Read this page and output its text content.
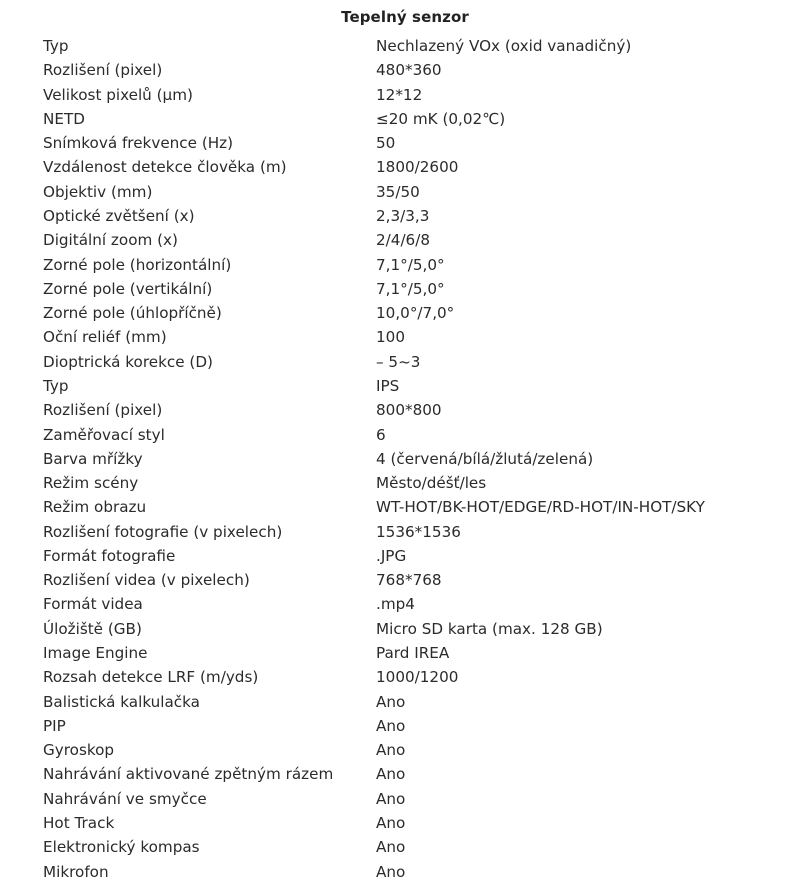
Tepelný senzor
Typ	Nechlazený VOx (oxid vanadičný)
Rozlišení (pixel)	480*360
Velikost pixelů (μm)	12*12
NETD	≤20 mK (0,02℃)
Snímková frekvence (Hz)	50
Vzdálenost detekce člověka (m)	1800/2600
Objektiv (mm)	35/50
Optické zvětšení (x)	2,3/3,3
Digitální zoom (x)	2/4/6/8
Zorné pole (horizontální)	7,1°/5,0°
Zorné pole (vertikální)	7,1°/5,0°
Zorné pole (úhlopříčně)	10,0°/7,0°
Oční reliéf (mm)	100
Dioptrická korekce (D)	– 5~3
Typ	IPS
Rozlišení (pixel)	800*800
Zaměřovací styl	6
Barva mřížky	4 (červená/bílá/žlutá/zelená)
Režim scény	Město/déšť/les
Režim obrazu	WT-HOT/BK-HOT/EDGE/RD-HOT/IN-HOT/SKY
Rozlišení fotografie (v pixelech)	1536*1536
Formát fotografie	.JPG
Rozlišení videa (v pixelech)	768*768
Formát videa	.mp4
Úložiště (GB)	Micro SD karta (max. 128 GB)
Image Engine	Pard IREA
Rozsah detekce LRF (m/yds)	1000/1200
Balistická kalkulačka	Ano
PIP	Ano
Gyroskop	Ano
Nahrávání aktivované zpětným rázem	Ano
Nahrávání ve smyčce	Ano
Hot Track	Ano
Elektronický kompas	Ano
Mikrofon	Ano
